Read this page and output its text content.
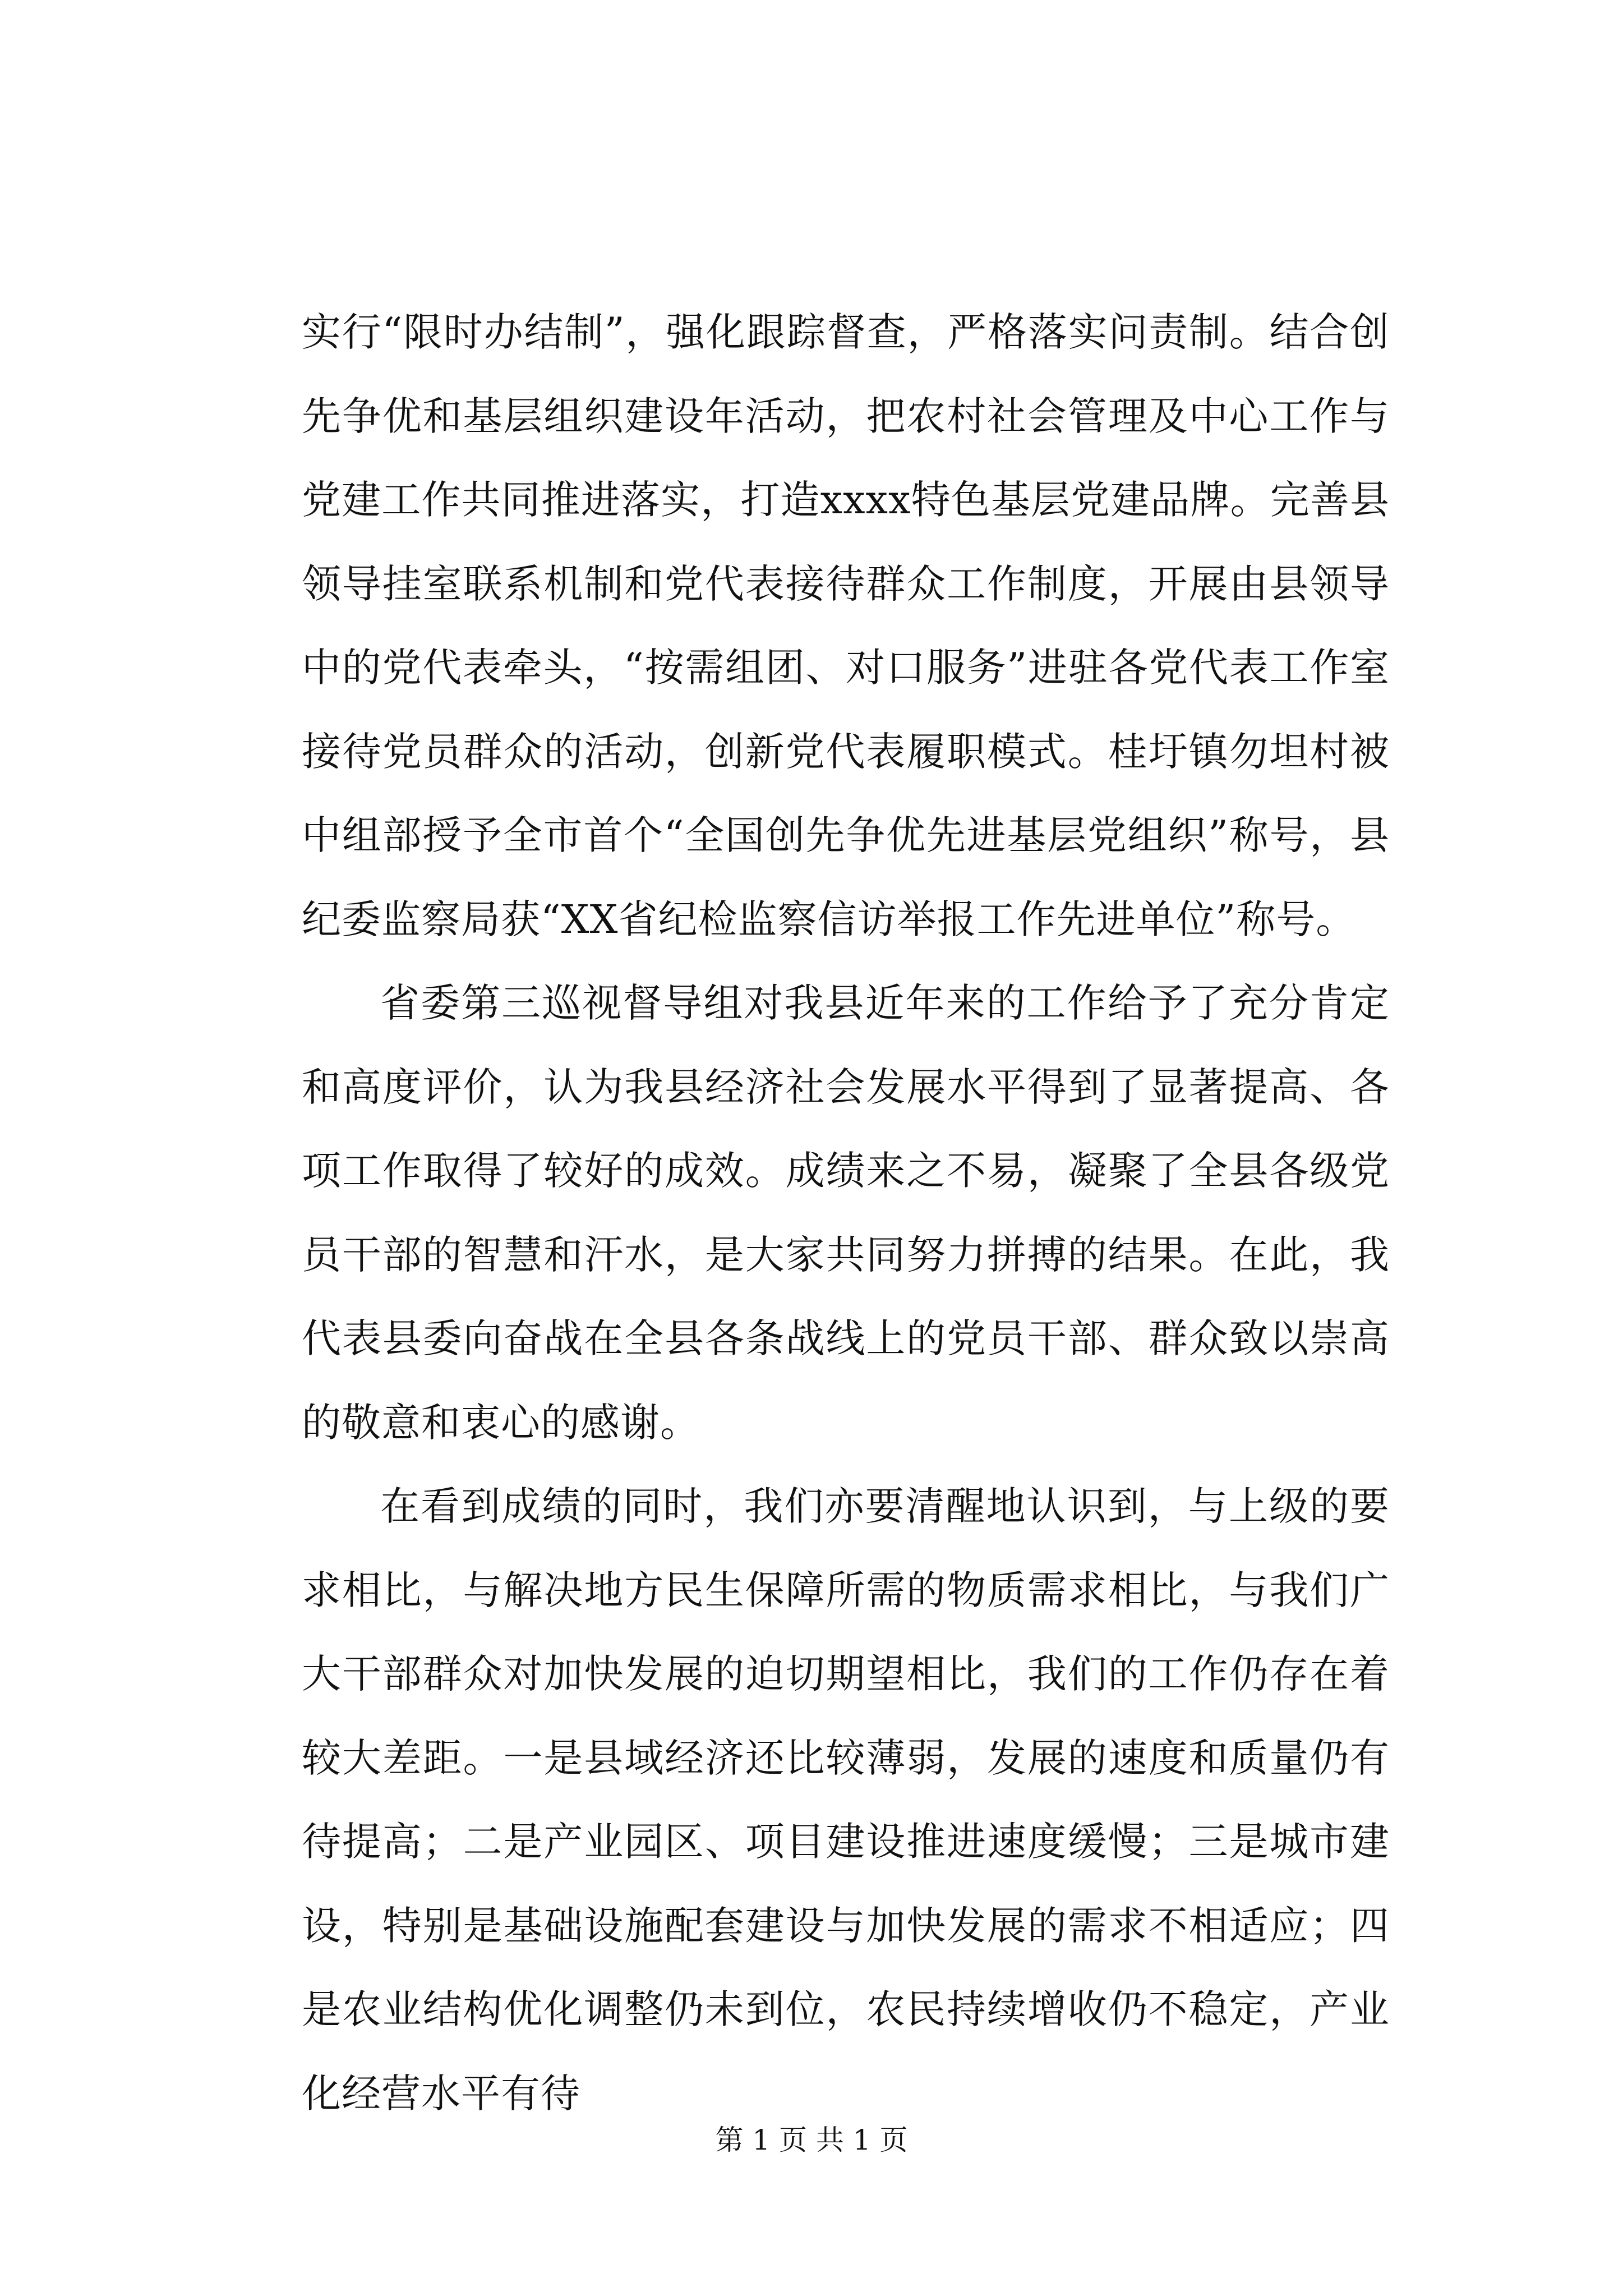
实行“限时办结制”，强化跟踪督查，严格落实问责制。结合创先争优和基层组织建设年活动，把农村社会管理及中心工作与党建工作共同推进落实，打造xxxx特色基层党建品牌。完善县领导挂室联系机制和党代表接待群众工作制度，开展由县领导中的党代表牵头，“按需组团、对口服务”进驻各党代表工作室接待党员群众的活动，创新党代表履职模式。桂圩镇勿坦村被中组部授予全市首个“全国创先争优先进基层党组织”称号，县纪委监察局获“XX省纪检监察信访举报工作先进单位”称号。

省委第三巡视督导组对我县近年来的工作给予了充分肯定和高度评价，认为我县经济社会发展水平得到了显著提高、各项工作取得了较好的成效。成绩来之不易，凝聚了全县各级党员干部的智慧和汗水，是大家共同努力拼搏的结果。在此，我代表县委向奋战在全县各条战线上的党员干部、群众致以崇高的敬意和衷心的感谢。

在看到成绩的同时，我们亦要清醒地认识到，与上级的要求相比，与解决地方民生保障所需的物质需求相比，与我们广大干部群众对加快发展的迫切期望相比，我们的工作仍存在着较大差距。一是县域经济还比较薄弱，发展的速度和质量仍有待提高；二是产业园区、项目建设推进速度缓慢；三是城市建设，特别是基础设施配套建设与加快发展的需求不相适应；四是农业结构优化调整仍未到位，农民持续增收仍不稳定，产业化经营水平有待

第 1 页 共 1 页
